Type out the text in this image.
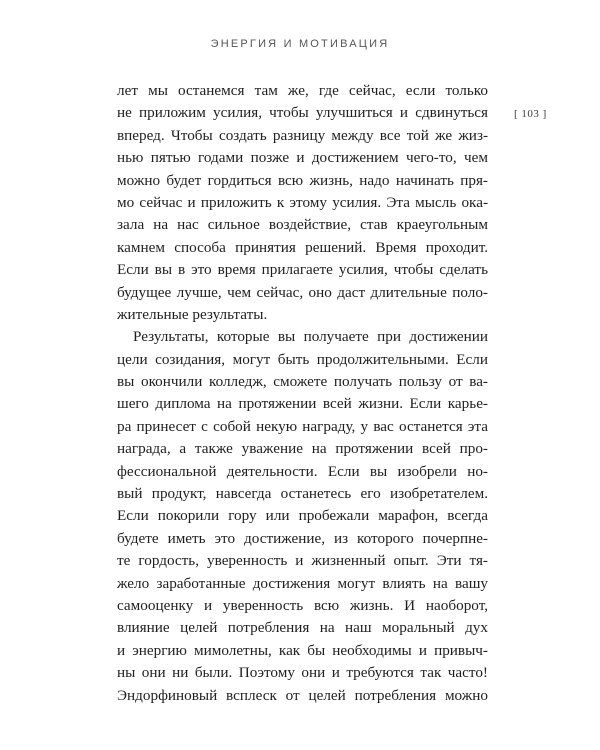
ЭНЕРГИЯ И МОТИВАЦИЯ
[ 103 ]
лет мы останемся там же, где сейчас, если только
не приложим усилия, чтобы улучшиться и сдвинуться
вперед. Чтобы создать разницу между все той же жиз-
нью пятью годами позже и достижением чего-то, чем
можно будет гордиться всю жизнь, надо начинать пря-
мо сейчас и приложить к этому усилия. Эта мысль ока-
зала на нас сильное воздействие, став краеугольным
камнем способа принятия решений. Время проходит.
Если вы в это время прилагаете усилия, чтобы сделать
будущее лучше, чем сейчас, оно даст длительные поло-
жительные результаты.
Результаты, которые вы получаете при достижении
цели созидания, могут быть продолжительными. Если
вы окончили колледж, сможете получать пользу от ва-
шего диплома на протяжении всей жизни. Если карье-
ра принесет с собой некую награду, у вас останется эта
награда, а также уважение на протяжении всей про-
фессиональной деятельности. Если вы изобрели но-
вый продукт, навсегда останетесь его изобретателем.
Если покорили гору или пробежали марафон, всегда
будете иметь это достижение, из которого почерпне-
те гордость, уверенность и жизненный опыт. Эти тя-
жело заработанные достижения могут влиять на вашу
самооценку и уверенность всю жизнь. И наоборот,
влияние целей потребления на наш моральный дух
и энергию мимолетны, как бы необходимы и привыч-
ны они ни были. Поэтому они и требуются так часто!
Эндорфиновый всплеск от целей потребления можно
